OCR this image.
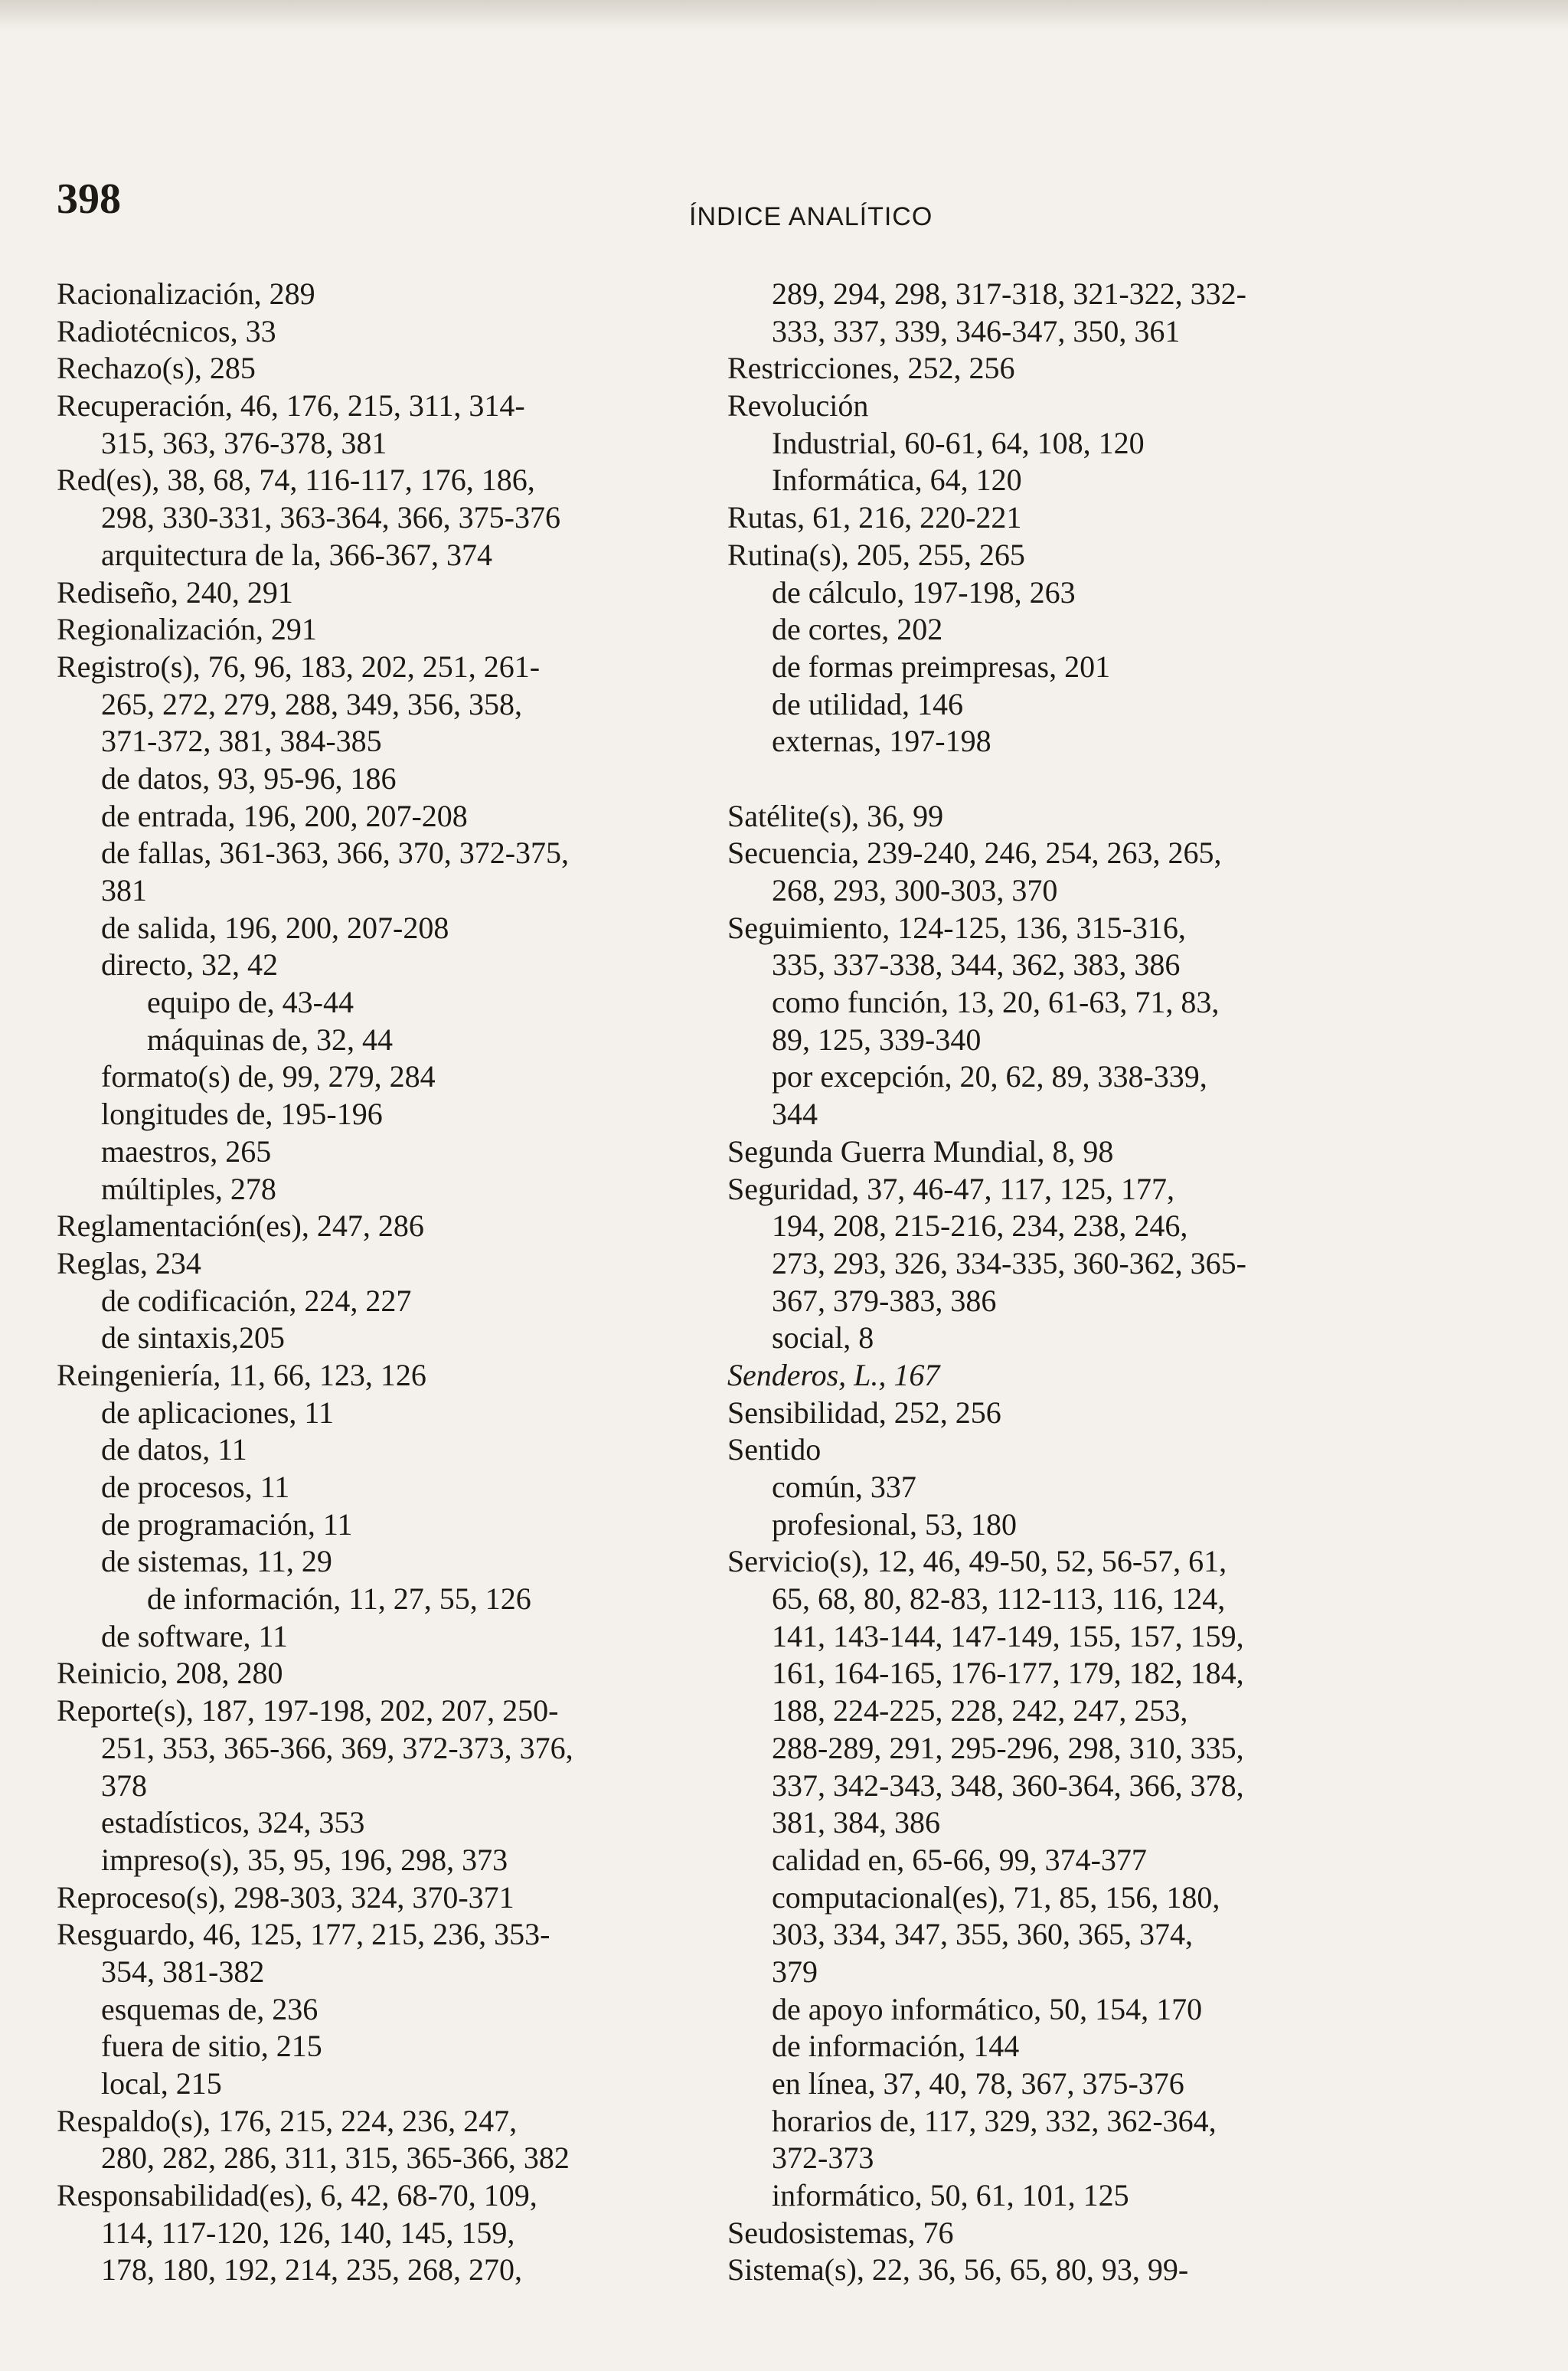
398	ÍNDICE ANALÍTICO
Racionalización, 289
Radiotécnicos, 33
Rechazo(s), 285
Recuperación, 46, 176, 215, 311, 314-
315, 363, 376-378, 381
Red(es), 38, 68, 74, 116-117, 176, 186,
298, 330-331, 363-364, 366, 375-376
arquitectura de la, 366-367, 374
Rediseño, 240, 291
Regionalización, 291
Registro(s), 76, 96, 183, 202, 251, 261-
265, 272, 279, 288, 349, 356, 358,
371-372, 381, 384-385
de datos, 93, 95-96, 186
de entrada, 196, 200, 207-208
de fallas, 361-363, 366, 370, 372-375,
381
de salida, 196, 200, 207-208
directo, 32, 42
equipo de, 43-44
máquinas de, 32, 44
formato(s) de, 99, 279, 284
longitudes de, 195-196
maestros, 265
múltiples, 278
Reglamentación(es), 247, 286
Reglas, 234
de codificación, 224, 227
de sintaxis,205
Reingeniería, 11, 66, 123, 126
de aplicaciones, 11
de datos, 11
de procesos, 11
de programación, 11
de sistemas, 11, 29
de información, 11, 27, 55, 126
de software, 11
Reinicio, 208, 280
Reporte(s), 187, 197-198, 202, 207, 250-
251, 353, 365-366, 369, 372-373, 376,
378
estadísticos, 324, 353
impreso(s), 35, 95, 196, 298, 373
Reproceso(s), 298-303, 324, 370-371
Resguardo, 46, 125, 177, 215, 236, 353-
354, 381-382
esquemas de, 236
fuera de sitio, 215
local, 215
Respaldo(s), 176, 215, 224, 236, 247,
280, 282, 286, 311, 315, 365-366, 382
Responsabilidad(es), 6, 42, 68-70, 109,
114, 117-120, 126, 140, 145, 159,
178, 180, 192, 214, 235, 268, 270,
289, 294, 298, 317-318, 321-322, 332-
333, 337, 339, 346-347, 350, 361
Restricciones, 252, 256
Revolución
Industrial, 60-61, 64, 108, 120
Informática, 64, 120
Rutas, 61, 216, 220-221
Rutina(s), 205, 255, 265
de cálculo, 197-198, 263
de cortes, 202
de formas preimpresas, 201
de utilidad, 146
externas, 197-198
Satélite(s), 36, 99
Secuencia, 239-240, 246, 254, 263, 265,
268, 293, 300-303, 370
Seguimiento, 124-125, 136, 315-316,
335, 337-338, 344, 362, 383, 386
como función, 13, 20, 61-63, 71, 83,
89, 125, 339-340
por excepción, 20, 62, 89, 338-339,
344
Segunda Guerra Mundial, 8, 98
Seguridad, 37, 46-47, 117, 125, 177,
194, 208, 215-216, 234, 238, 246,
273, 293, 326, 334-335, 360-362, 365-
367, 379-383, 386
social, 8
Senderos, L., 167
Sensibilidad, 252, 256
Sentido
común, 337
profesional, 53, 180
Servicio(s), 12, 46, 49-50, 52, 56-57, 61,
65, 68, 80, 82-83, 112-113, 116, 124,
141, 143-144, 147-149, 155, 157, 159,
161, 164-165, 176-177, 179, 182, 184,
188, 224-225, 228, 242, 247, 253,
288-289, 291, 295-296, 298, 310, 335,
337, 342-343, 348, 360-364, 366, 378,
381, 384, 386
calidad en, 65-66, 99, 374-377
computacional(es), 71, 85, 156, 180,
303, 334, 347, 355, 360, 365, 374,
379
de apoyo informático, 50, 154, 170
de información, 144
en línea, 37, 40, 78, 367, 375-376
horarios de, 117, 329, 332, 362-364,
372-373
informático, 50, 61, 101, 125
Seudosistemas, 76
Sistema(s), 22, 36, 56, 65, 80, 93, 99-
